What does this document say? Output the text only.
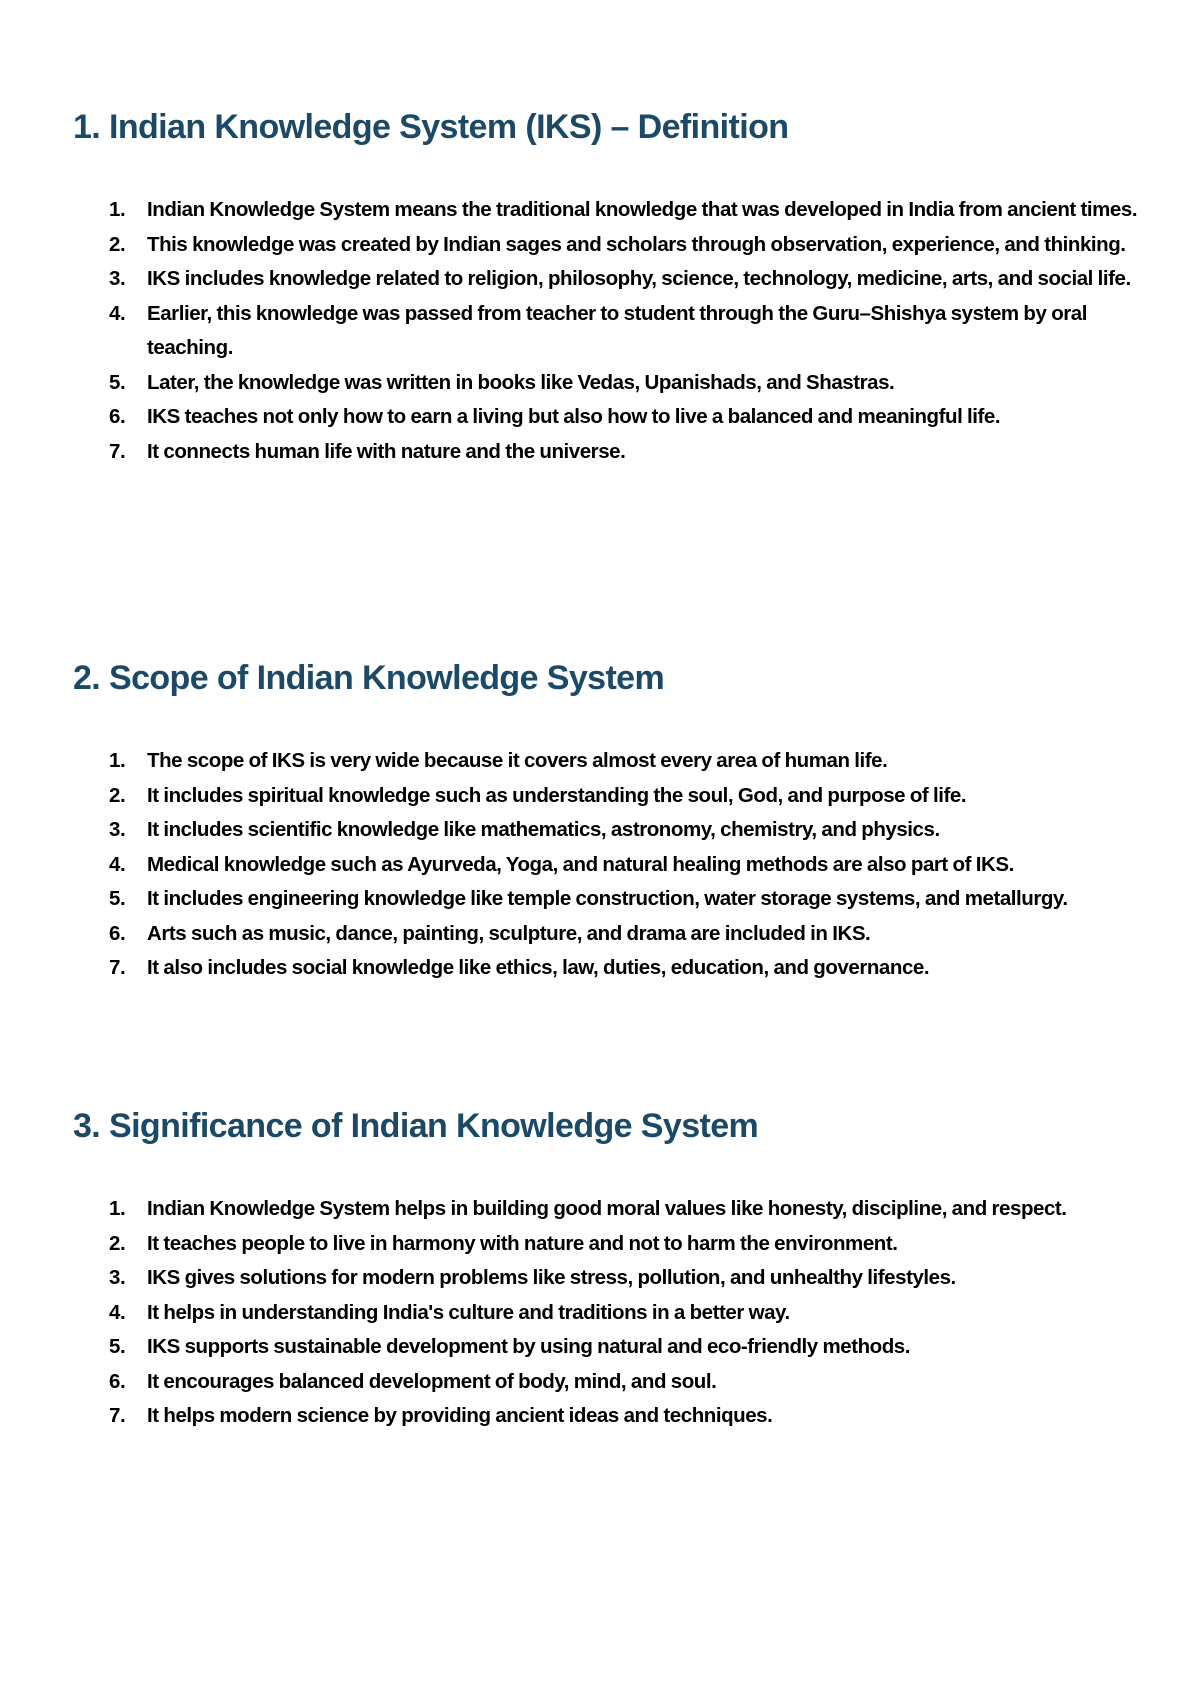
1. Indian Knowledge System (IKS) – Definition
1. Indian Knowledge System means the traditional knowledge that was developed in India from ancient times.
2. This knowledge was created by Indian sages and scholars through observation, experience, and thinking.
3. IKS includes knowledge related to religion, philosophy, science, technology, medicine, arts, and social life.
4. Earlier, this knowledge was passed from teacher to student through the Guru–Shishya system by oral teaching.
5. Later, the knowledge was written in books like Vedas, Upanishads, and Shastras.
6. IKS teaches not only how to earn a living but also how to live a balanced and meaningful life.
7. It connects human life with nature and the universe.
2. Scope of Indian Knowledge System
1. The scope of IKS is very wide because it covers almost every area of human life.
2. It includes spiritual knowledge such as understanding the soul, God, and purpose of life.
3. It includes scientific knowledge like mathematics, astronomy, chemistry, and physics.
4. Medical knowledge such as Ayurveda, Yoga, and natural healing methods are also part of IKS.
5. It includes engineering knowledge like temple construction, water storage systems, and metallurgy.
6. Arts such as music, dance, painting, sculpture, and drama are included in IKS.
7. It also includes social knowledge like ethics, law, duties, education, and governance.
3. Significance of Indian Knowledge System
1. Indian Knowledge System helps in building good moral values like honesty, discipline, and respect.
2. It teaches people to live in harmony with nature and not to harm the environment.
3. IKS gives solutions for modern problems like stress, pollution, and unhealthy lifestyles.
4. It helps in understanding India's culture and traditions in a better way.
5. IKS supports sustainable development by using natural and eco-friendly methods.
6. It encourages balanced development of body, mind, and soul.
7. It helps modern science by providing ancient ideas and techniques.
